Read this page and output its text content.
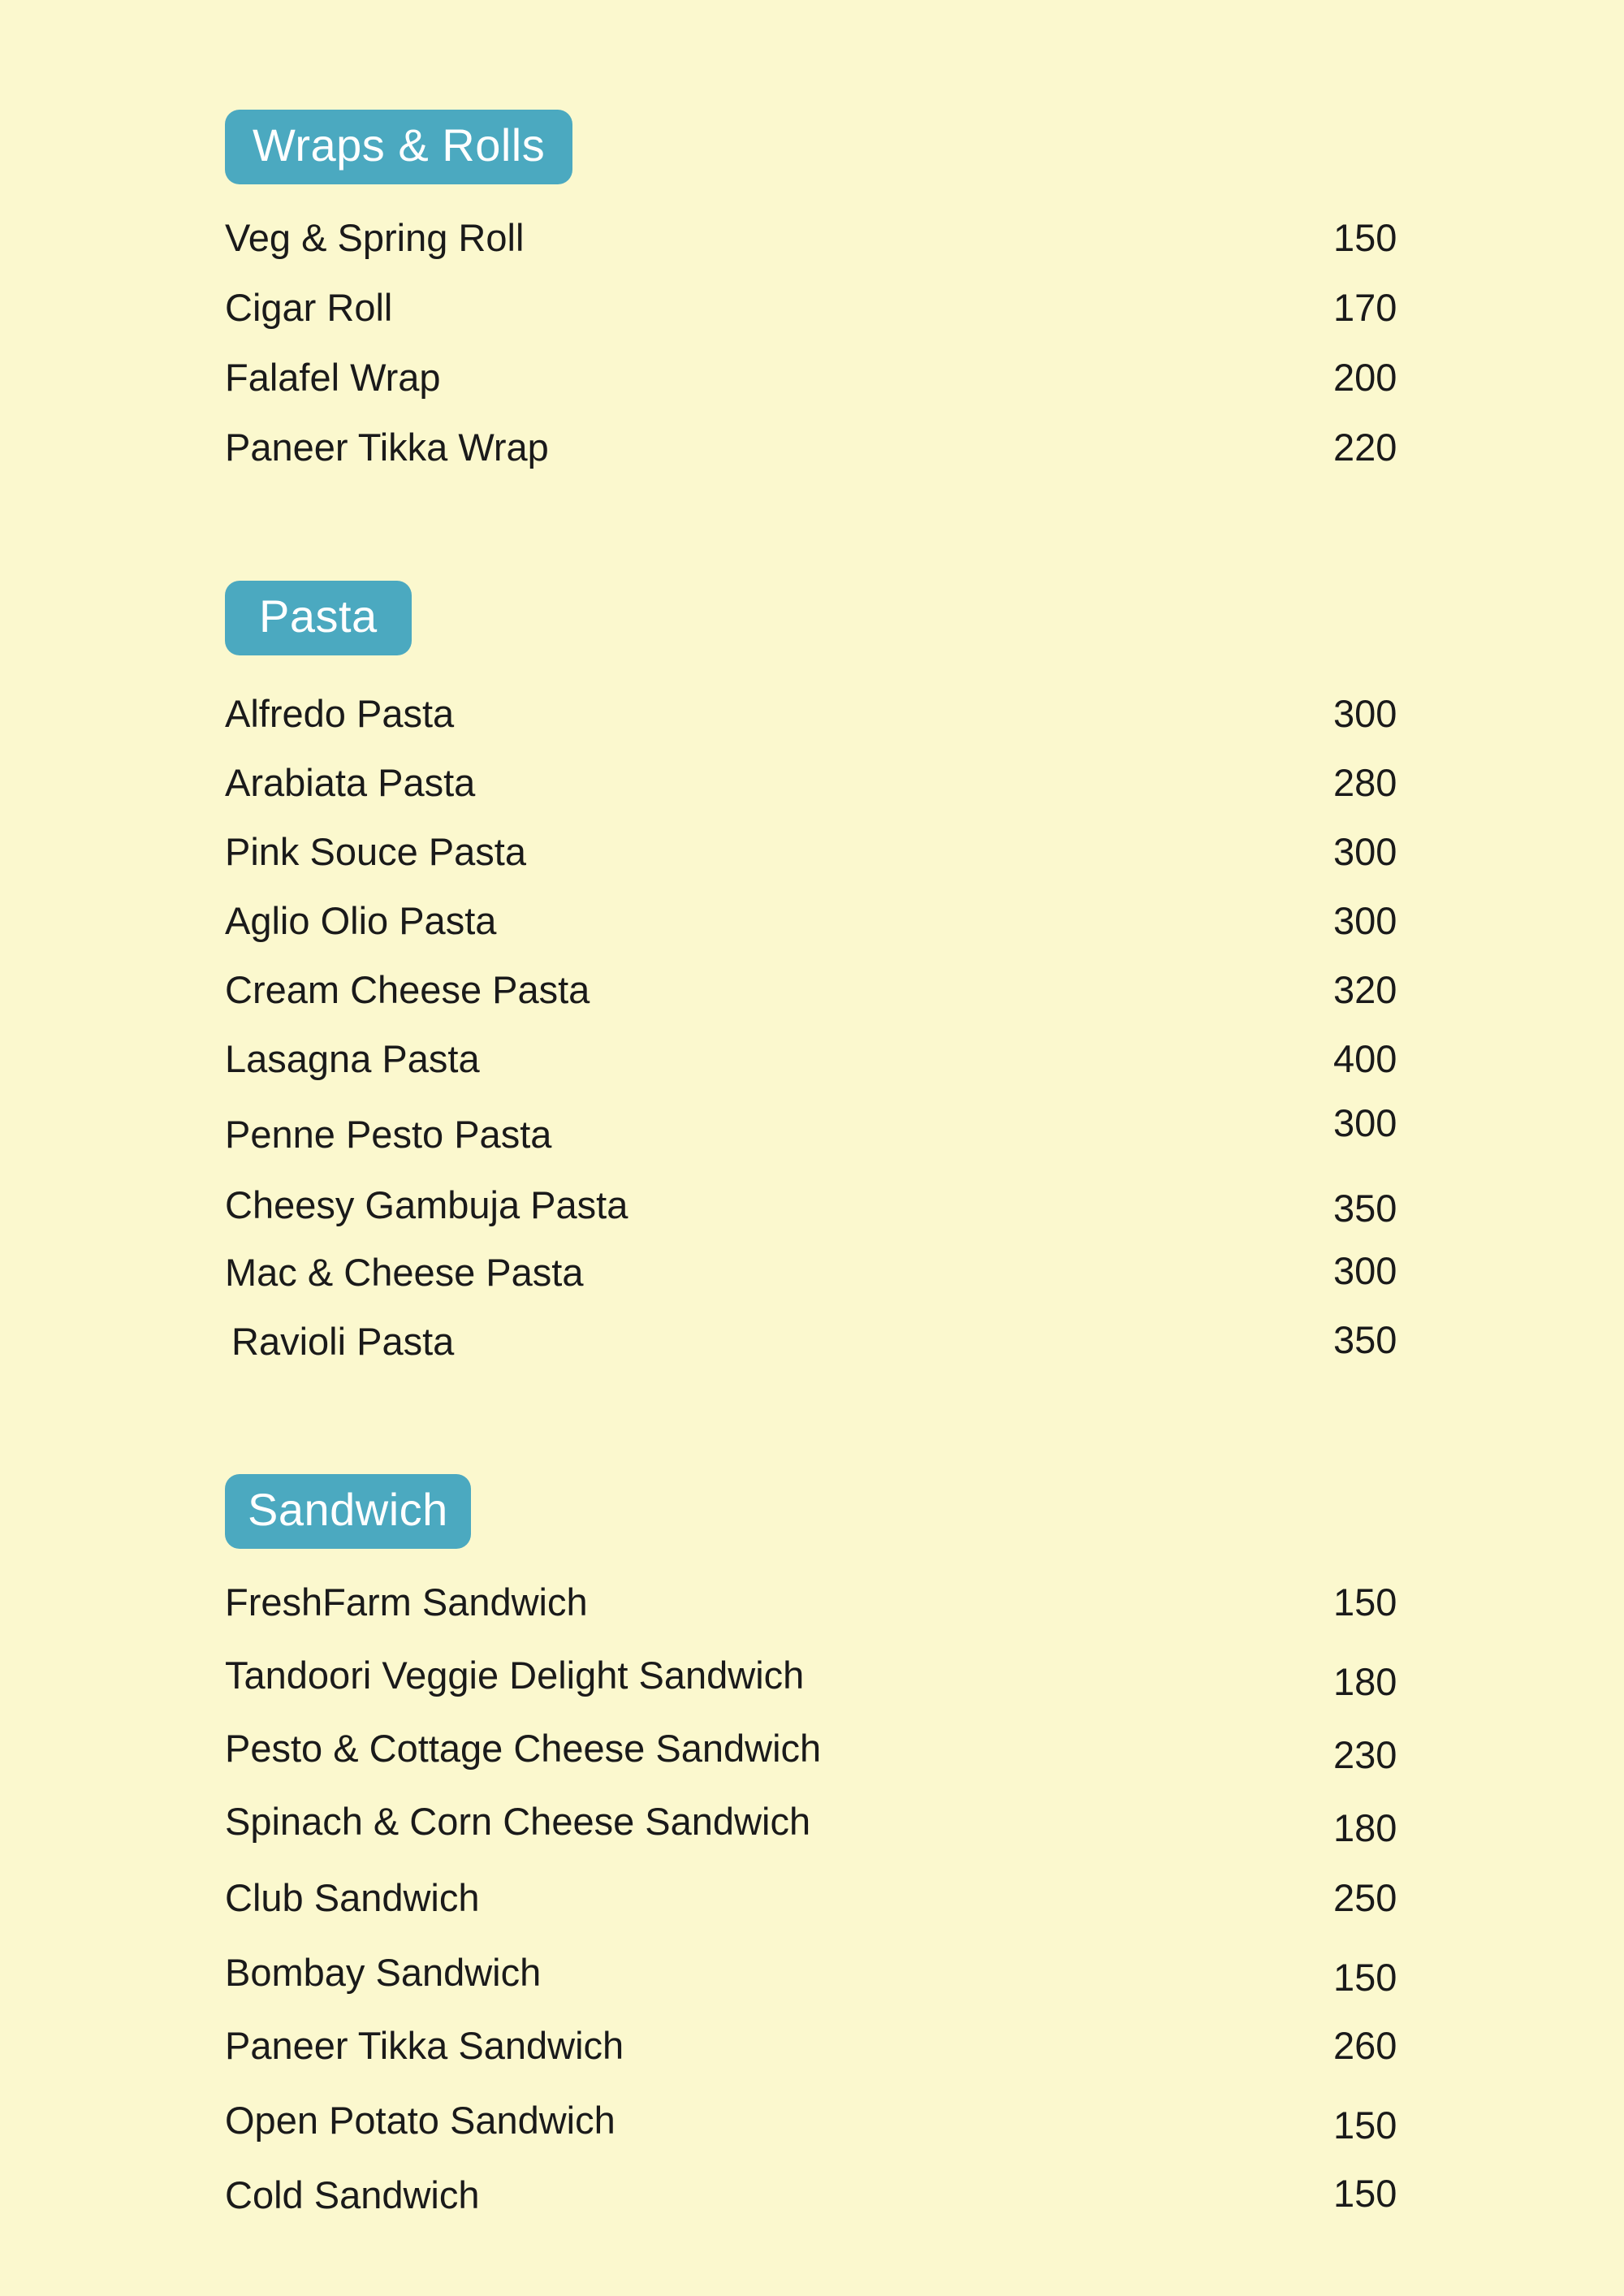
Wraps & Rolls
Veg & Spring Roll	150
Cigar Roll	170
Falafel Wrap	200
Paneer Tikka Wrap	220
Pasta
Alfredo Pasta	300
Arabiata Pasta	280
Pink Souce Pasta	300
Aglio Olio Pasta	300
Cream Cheese Pasta	320
Lasagna Pasta	400
Penne Pesto Pasta	300
Cheesy Gambuja Pasta	350
Mac & Cheese Pasta	300
Ravioli Pasta	350
Sandwich
FreshFarm Sandwich	150
Tandoori Veggie Delight Sandwich	180
Pesto & Cottage Cheese Sandwich	230
Spinach & Corn Cheese Sandwich	180
Club Sandwich	250
Bombay Sandwich	150
Paneer Tikka Sandwich	260
Open Potato Sandwich	150
Cold Sandwich	150
